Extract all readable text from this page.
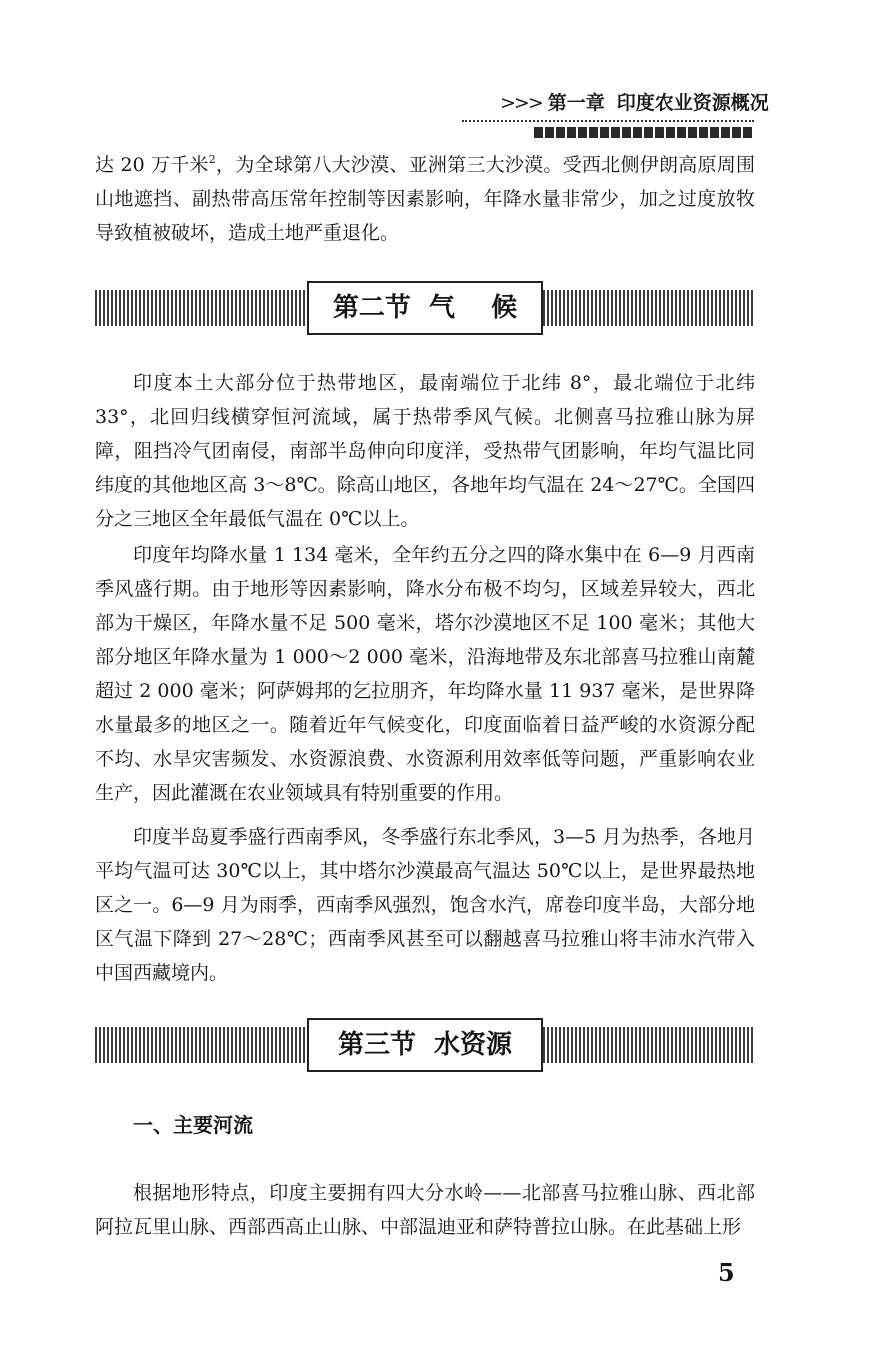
>>> 第一章 印度农业资源概况

达 20 万千米$^2$，为全球第八大沙漠、亚洲第三大沙漠。受西北侧伊朗高原周围山地遮挡、副热带高压常年控制等因素影响，年降水量非常少，加之过度放牧导致植被破坏，造成土地严重退化。

第二节  气    候

印度本土大部分位于热带地区，最南端位于北纬 8°，最北端位于北纬 33°，北回归线横穿恒河流域，属于热带季风气候。北侧喜马拉雅山脉为屏障，阻挡冷气团南侵，南部半岛伸向印度洋，受热带气团影响，年均气温比同纬度的其他地区高 3～8℃。除高山地区，各地年均气温在 24～27℃。全国四分之三地区全年最低气温在 0℃以上。

印度年均降水量 1 134 毫米，全年约五分之四的降水集中在 6—9 月西南季风盛行期。由于地形等因素影响，降水分布极不均匀，区域差异较大，西北部为干燥区，年降水量不足 500 毫米，塔尔沙漠地区不足 100 毫米；其他大部分地区年降水量为 1 000～2 000 毫米，沿海地带及东北部喜马拉雅山南麓超过 2 000 毫米；阿萨姆邦的乞拉朋齐，年均降水量 11 937 毫米，是世界降水量最多的地区之一。随着近年气候变化，印度面临着日益严峻的水资源分配不均、水旱灾害频发、水资源浪费、水资源利用效率低等问题，严重影响农业生产，因此灌溉在农业领域具有特别重要的作用。

印度半岛夏季盛行西南季风，冬季盛行东北季风，3—5 月为热季，各地月平均气温可达 30℃以上，其中塔尔沙漠最高气温达 50℃以上，是世界最热地区之一。6—9 月为雨季，西南季风强烈，饱含水汽，席卷印度半岛，大部分地区气温下降到 27～28℃；西南季风甚至可以翻越喜马拉雅山将丰沛水汽带入中国西藏境内。

第三节  水资源
一、主要河流

根据地形特点，印度主要拥有四大分水岭——北部喜马拉雅山脉、西北部阿拉瓦里山脉、西部西高止山脉、中部温迪亚和萨特普拉山脉。在此基础上形

5
